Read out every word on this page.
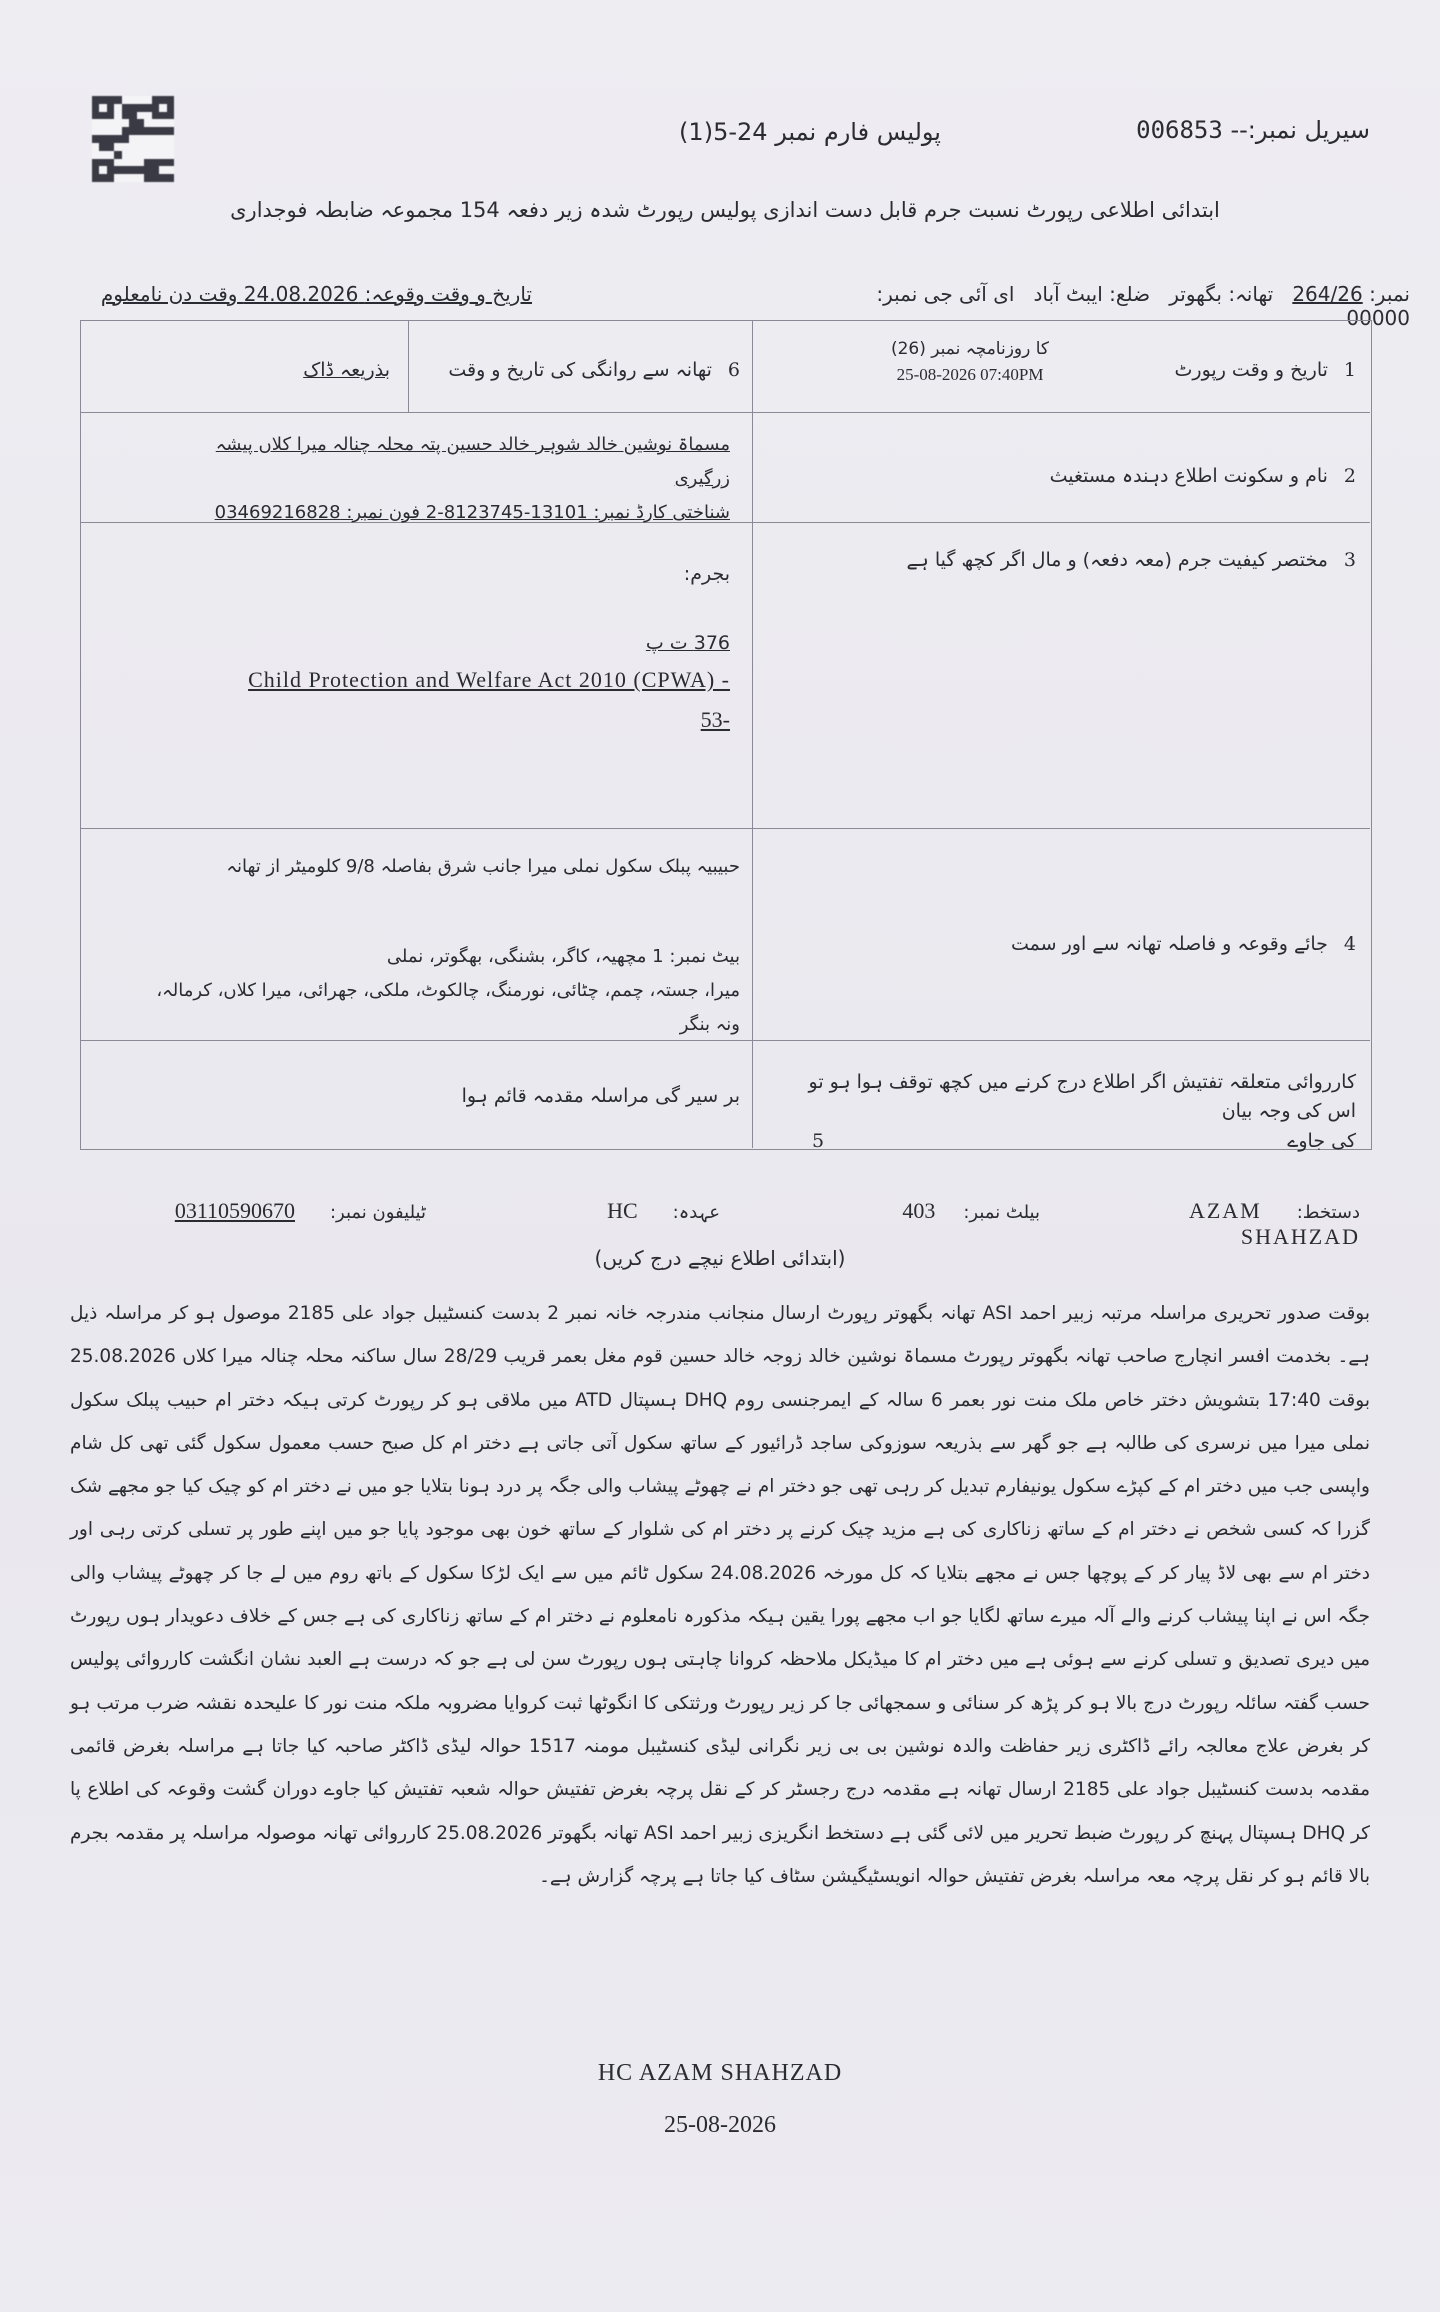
سیریل نمبر:-- 006853
پولیس فارم نمبر 24-5(1)
ابتدائی اطلاعی رپورٹ نسبت جرم قابل دست اندازی پولیس رپورٹ شدہ زیر دفعہ 154 مجموعہ ضابطہ فوجداری
نمبر: 264/26   تھانہ: بگھوتر   ضلع: ایبٹ آباد   ای آئی جی نمبر: 00000
تاریخ و وقت وقوعہ: 24.08.2026 وقت دن نامعلوم
1تاریخ و وقت رپورٹ
کا روزنامچہ نمبر (26)
25-08-2026 07:40PM
6تھانہ سے روانگی کی تاریخ و وقت
بذریعہ ڈاک
2نام و سکونت اطلاع دہندہ مستغیث
مسماۃ نوشین خالد شوہر خالد حسین پتہ محلہ چنالہ میرا کلاں پیشہ زرگیری
شناختی کارڈ نمبر: 13101-8123745-2 فون نمبر: 03469216828
3مختصر کیفیت جرم (معہ دفعہ) و مال اگر کچھ گیا ہے
بجرم:
376 ت پ
Child Protection and Welfare Act 2010 (CPWA) -
53-
حبیبیہ پبلک سکول نملی میرا جانب شرق بفاصلہ 9/8 کلومیٹر از تھانہ
بیٹ نمبر: 1 مچھیہ، کاگر، بشنگی، بھگوتر، نملی
میرا، جستہ، چمم، چٹائی، نورمنگ، چالکوٹ، ملکی، جھرائی، میرا کلاں، کرمالہ، ونہ بنگر
4جائے وقوعہ و فاصلہ تھانہ سے اور سمت
کارروائی متعلقہ تفتیش اگر اطلاع درج کرنے میں کچھ توقف ہوا ہو تو اس کی وجہ بیان
کی جاوے
5
بر سیر گی مراسلہ مقدمہ قائم ہوا
دستخط:     AZAM SHAHZAD
بیلٹ نمبر:    403
عہدہ:     HC
ٹیلیفون نمبر:     03110590670
(ابتدائی اطلاع نیچے درج کریں)
بوقت صدور تحریری مراسلہ مرتبہ زبیر احمد ASI تھانہ بگھوتر رپورٹ ارسال منجانب مندرجہ خانہ نمبر 2 بدست کنسٹیبل جواد علی 2185 موصول ہو کر مراسلہ ذیل ہے۔ بخدمت افسر انچارج صاحب تھانہ بگھوتر رپورٹ مسماۃ نوشین خالد زوجہ خالد حسین قوم مغل بعمر قریب 28/29 سال ساکنہ محلہ چنالہ میرا کلاں 25.08.2026 بوقت 17:40 بتشویش دختر خاص ملک منت نور بعمر 6 سالہ کے ایمرجنسی روم DHQ ہسپتال ATD میں ملاقی ہو کر رپورٹ کرتی ہیکہ دختر ام حبیب پبلک سکول نملی میرا میں نرسری کی طالبہ ہے جو گھر سے بذریعہ سوزوکی ساجد ڈرائیور کے ساتھ سکول آتی جاتی ہے دختر ام کل صبح حسب معمول سکول گئی تھی کل شام واپسی جب میں دختر ام کے کپڑے سکول یونیفارم تبدیل کر رہی تھی جو دختر ام نے چھوٹے پیشاب والی جگہ پر درد ہونا بتلایا جو میں نے دختر ام کو چیک کیا جو مجھے شک گزرا کہ کسی شخص نے دختر ام کے ساتھ زناکاری کی ہے مزید چیک کرنے پر دختر ام کی شلوار کے ساتھ خون بھی موجود پایا جو میں اپنے طور پر تسلی کرتی رہی اور دختر ام سے بھی لاڈ پیار کر کے پوچھا جس نے مجھے بتلایا کہ کل مورخہ 24.08.2026 سکول ٹائم میں سے ایک لڑکا سکول کے باتھ روم میں لے جا کر چھوٹے پیشاب والی جگہ اس نے اپنا پیشاب کرنے والے آلہ میرے ساتھ لگایا جو اب مجھے پورا یقین ہیکہ مذکورہ نامعلوم نے دختر ام کے ساتھ زناکاری کی ہے جس کے خلاف دعویدار ہوں رپورٹ میں دیری تصدیق و تسلی کرنے سے ہوئی ہے میں دختر ام کا میڈیکل ملاحظہ کروانا چاہتی ہوں رپورٹ سن لی ہے جو کہ درست ہے العبد نشان انگشت کارروائی پولیس حسب گفتہ سائلہ رپورٹ درج بالا ہو کر پڑھ کر سنائی و سمجھائی جا کر زیر رپورٹ ورثتکی کا انگوٹھا ثبت کروایا مضروبہ ملکہ منت نور کا علیحدہ نقشہ ضرب مرتب ہو کر بغرض علاج معالجہ رائے ڈاکٹری زیر حفاظت والدہ نوشین بی بی زیر نگرانی لیڈی کنسٹیبل مومنہ 1517 حوالہ لیڈی ڈاکٹر صاحبہ کیا جاتا ہے مراسلہ بغرض قائمی مقدمہ بدست کنسٹیبل جواد علی 2185 ارسال تھانہ ہے مقدمہ درج رجسٹر کر کے نقل پرچہ بغرض تفتیش حوالہ شعبہ تفتیش کیا جاوے دوران گشت وقوعہ کی اطلاع پا کر DHQ ہسپتال پہنچ کر رپورٹ ضبط تحریر میں لائی گئی ہے دستخط انگریزی زبیر احمد ASI تھانہ بگھوتر 25.08.2026 کارروائی تھانہ موصولہ مراسلہ پر مقدمہ بجرم بالا قائم ہو کر نقل پرچہ معہ مراسلہ بغرض تفتیش حوالہ انویسٹیگیشن سٹاف کیا جاتا ہے پرچہ گزارش ہے۔
HC AZAM SHAHZAD
25-08-2026
